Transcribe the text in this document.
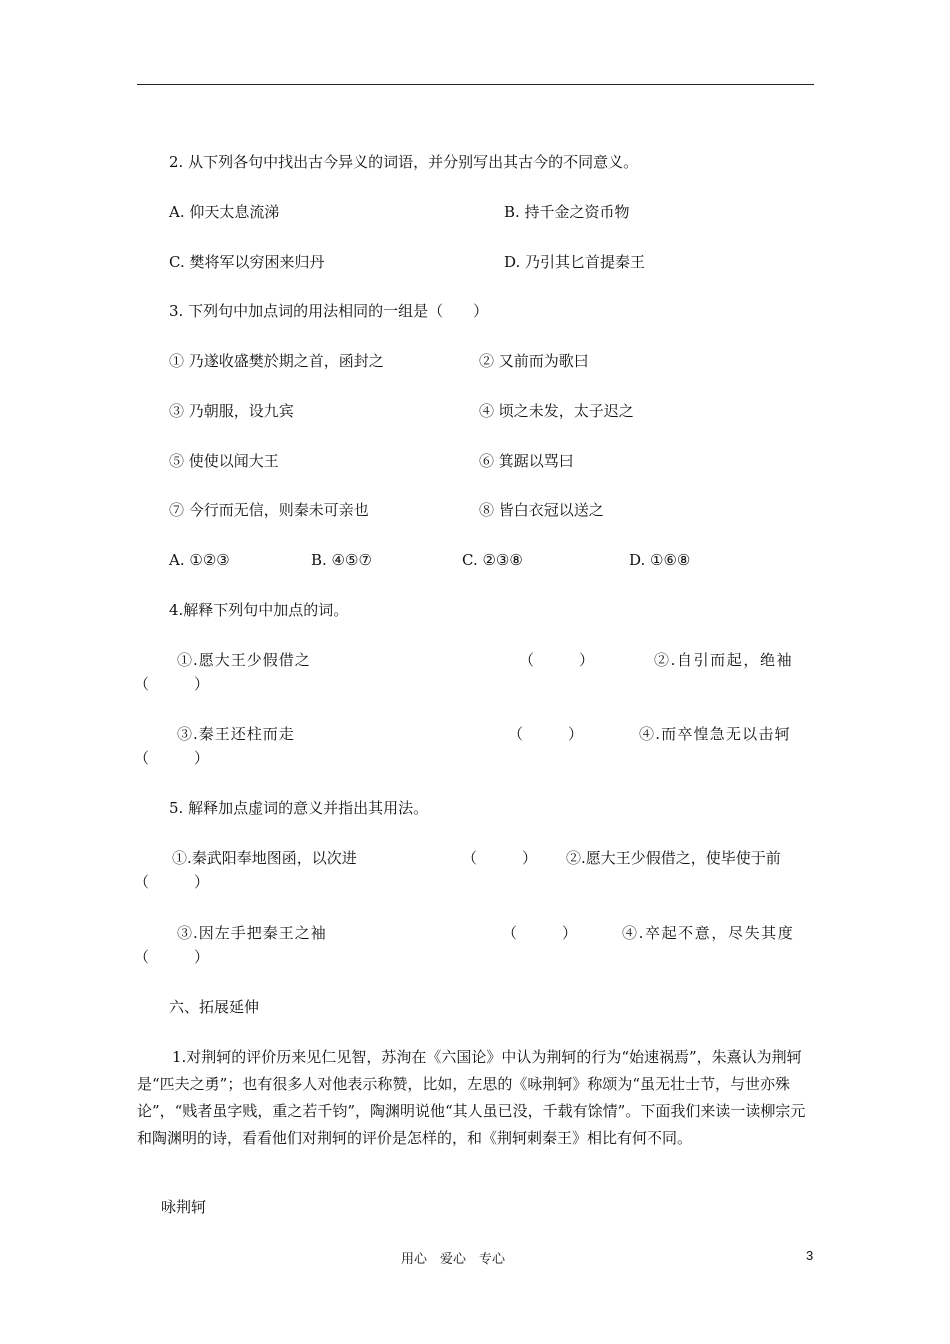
2. 从下列各句中找出古今异义的词语，并分别写出其古今的不同意义。
A. 仰天太息流涕	B. 持千金之资币物
C. 樊将军以穷困来归丹	D. 乃引其匕首提秦王
3. 下列句中加点词的用法相同的一组是（　　）
① 乃遂收盛樊於期之首，函封之	② 又前而为歌曰
③ 乃朝服，设九宾	④ 顷之未发，太子迟之
⑤ 使使以闻大王	⑥ 箕踞以骂曰
⑦ 今行而无信，则秦未可亲也	⑧ 皆白衣冠以送之
A. ①②③	B. ④⑤⑦	C. ②③⑧	D. ①⑥⑧
4.解释下列句中加点的词。
①.愿大王少假借之	（　　　）	②.自引而起，绝袖
（　　　）
③.秦王还柱而走	（　　　）	④.而卒惶急无以击轲
（　　　）
5. 解释加点虚词的意义并指出其用法。
①.秦武阳奉地图函，以次进	（　　　） ②.愿大王少假借之，使毕使于前
（　　　）
③.因左手把秦王之袖	（　　　）	④.卒起不意，尽失其度
（　　　）
六、拓展延伸

1.对荆轲的评价历来见仁见智，苏洵在《六国论》中认为荆轲的行为“始速祸焉”，朱熹认为荆轲是“匹夫之勇”；也有很多人对他表示称赞，比如，左思的《咏荆轲》称颂为“虽无壮士节，与世亦殊论”，“贱者虽字贱，重之若千钧”，陶渊明说他“其人虽已没，千载有馀情”。下面我们来读一读柳宗元和陶渊明的诗，看看他们对荆轲的评价是怎样的，和《荆轲刺秦王》相比有何不同。

咏荆轲
用心　爱心　专心	3
